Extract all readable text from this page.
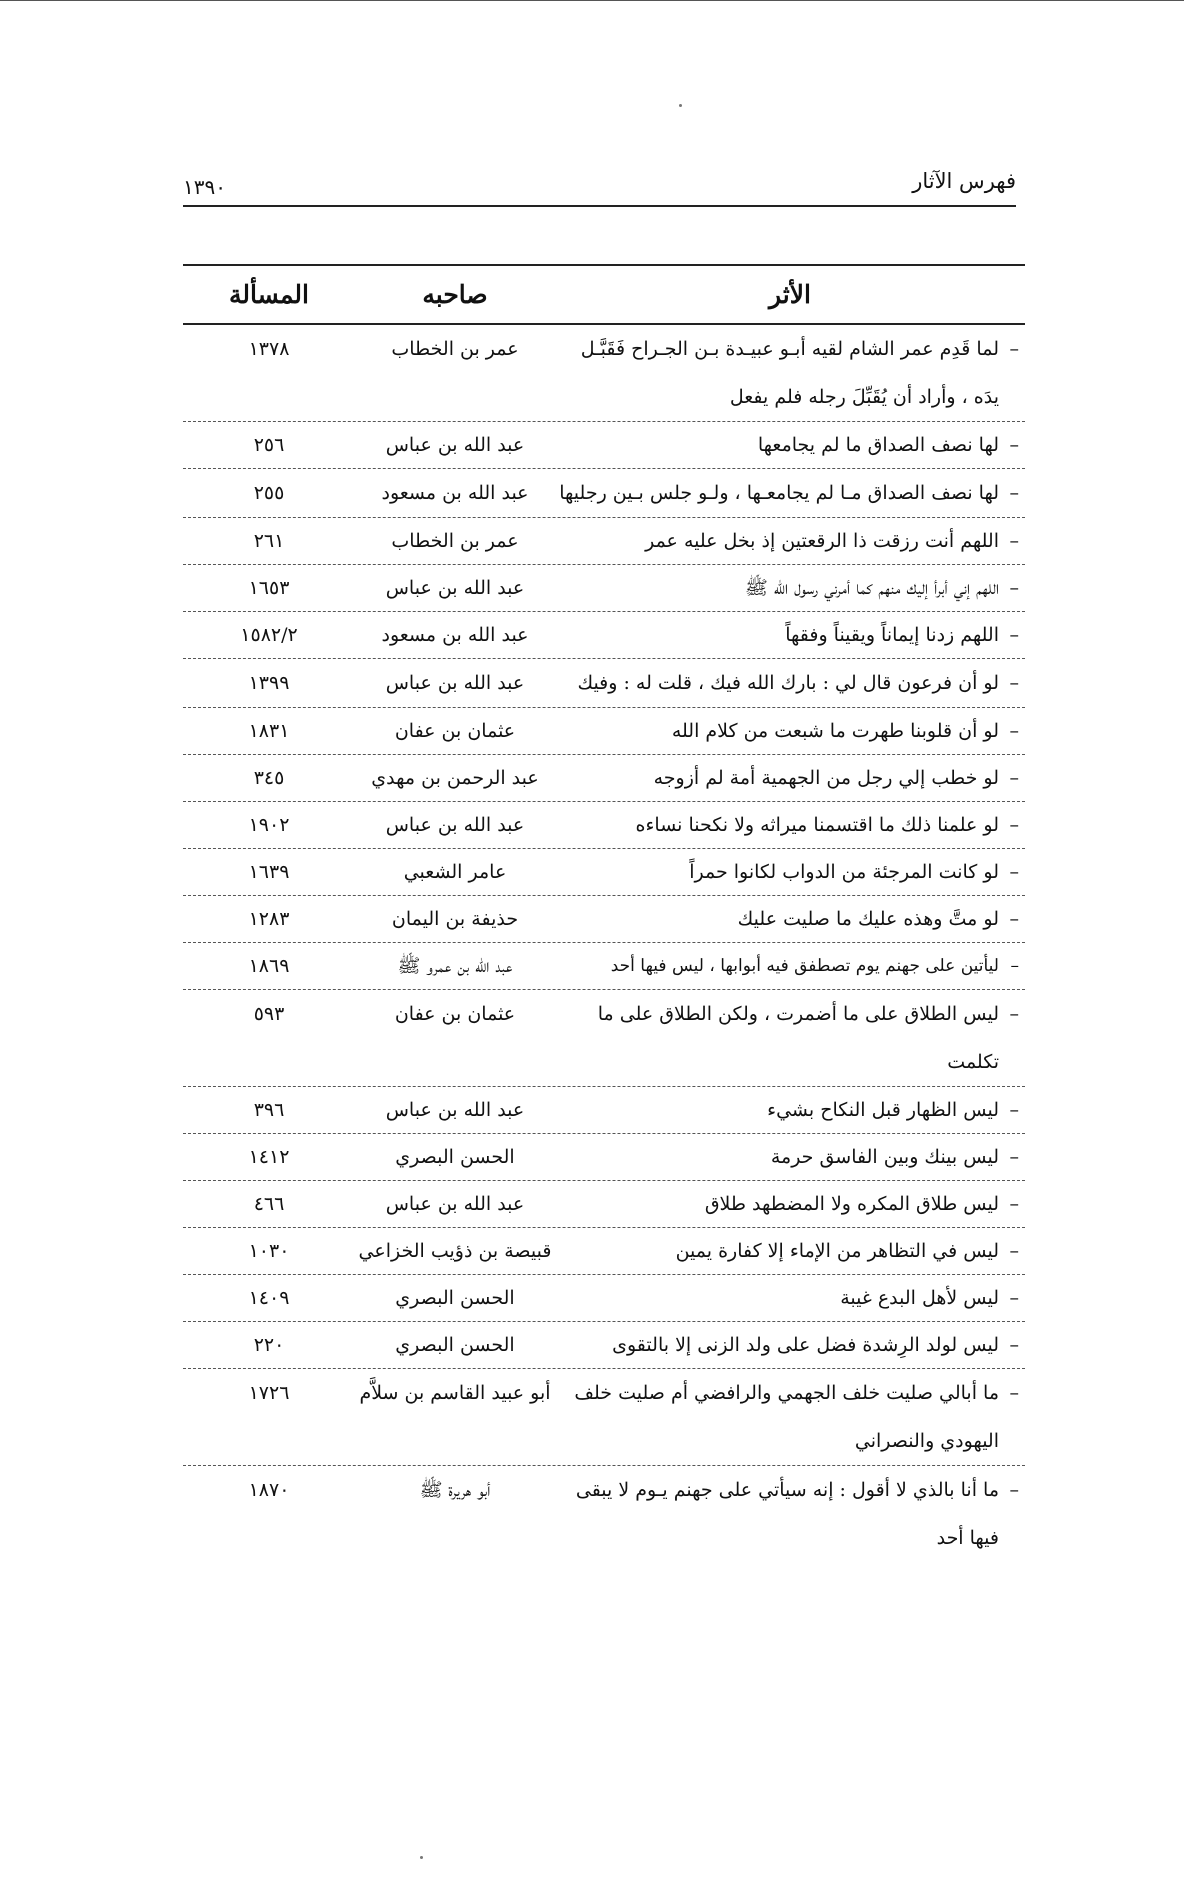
فهرس الآثار
١٣٩٠
الأثر
صاحبه
المسألة
– لما قَدِم عمر الشام لقيه أبـو عبيـدة بـن الجـراح فَقَبَّـل يدَه ، وأراد أن يُقَبِّلَ رجله فلم يفعل
عمر بن الخطاب
١٣٧٨
– لها نصف الصداق ما لم يجامعها
عبد الله بن عباس
٢٥٦
– لها نصف الصداق مـا لم يجامعـها ، ولـو جلس بـين رجليها
عبد الله بن مسعود
٢٥٥
– اللهم أنت رزقت ذا الرقعتين إذ بخل عليه عمر
عمر بن الخطاب
٢٦١
– اللهم إني أبرأ إليك منهم كما أمرني رسول الله ﷺ
عبد الله بن عباس
١٦٥٣
– اللهم زدنا إيماناً ويقيناً وفقهاً
عبد الله بن مسعود
١٥٨٢/٢
– لو أن فرعون قال لي : بارك الله فيك ، قلت له : وفيك
عبد الله بن عباس
١٣٩٩
– لو أن قلوبنا طهرت ما شبعت من كلام الله
عثمان بن عفان
١٨٣١
– لو خطب إلي رجل من الجهمية أمة لم أزوجه
عبد الرحمن بن مهدي
٣٤٥
– لو علمنا ذلك ما اقتسمنا ميراثه ولا نكحنا نساءه
عبد الله بن عباس
١٩٠٢
– لو كانت المرجئة من الدواب لكانوا حمراً
عامر الشعبي
١٦٣٩
– لو متَّ وهذه عليك ما صليت عليك
حذيفة بن اليمان
١٢٨٣
– ليأتين على جهنم يوم تصطفق فيه أبوابها ، ليس فيها أحد
عبد الله بن عمرو ﷺ
١٨٦٩
– ليس الطلاق على ما أضمرت ، ولكن الطلاق على ما تكلمت
عثمان بن عفان
٥٩٣
– ليس الظهار قبل النكاح بشيء
عبد الله بن عباس
٣٩٦
– ليس بينك وبين الفاسق حرمة
الحسن البصري
١٤١٢
– ليس طلاق المكره ولا المضطهد طلاق
عبد الله بن عباس
٤٦٦
– ليس في التظاهر من الإماء إلا كفارة يمين
قبيصة بن ذؤيب الخزاعي
١٠٣٠
– ليس لأهل البدع غيبة
الحسن البصري
١٤٠٩
– ليس لولد الرِشدة فضل على ولد الزنى إلا بالتقوى
الحسن البصري
٢٢٠
– ما أبالي صليت خلف الجهمي والرافضي أم صليت خلف اليهودي والنصراني
أبو عبيد القاسم بن سلاَّم
١٧٢٦
– ما أنا بالذي لا أقول : إنه سيأتي على جهنم يـوم لا يبقى فيها أحد
أبو هريرة ﷺ
١٨٧٠
